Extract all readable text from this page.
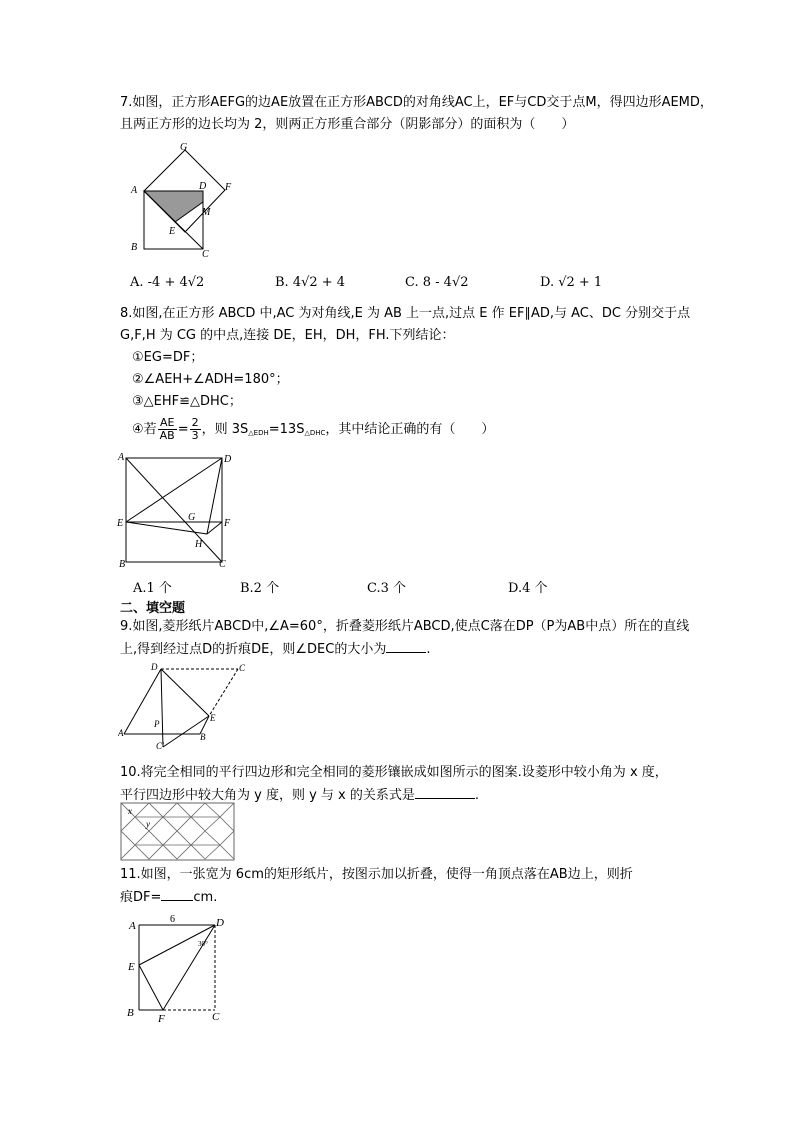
7.如图，正方形AEFG的边AE放置在正方形ABCD的对角线AC上，EF与CD交于点M，得四边形AEMD，
且两正方形的边长均为 2，则两正方形重合部分（阴影部分）的面积为（　　）
G
A	D F
M
E
B
C
A. -4 + 4√2	B. 4√2 + 4	C. 8 - 4√2	D. √2 + 1
8.如图,在正方形 ABCD 中,AC 为对角线,E 为 AB 上一点,过点 E 作 EF∥AD,与 AC、DC 分别交于点
G,F,H 为 CG 的中点,连接 DE，EH，DH，FH.下列结论：
①EG=DF；
②∠AEH+∠ADH=180°；
③△EHF≌△DHC；
④若 $\frac{AE}{AB} = \frac{2}{3}$ ，则 $3S_{\triangle EDH}=13S_{\triangle DHC}$，其中结论正确的有（　　）
A	D
E
G
F
H
B	C
A.1 个	B.2 个	C.3 个	D.4 个
二、填空题
9.如图,菱形纸片ABCD中,∠A=60°，折叠菱形纸片ABCD,使点C落在DP（P为AB中点）所在的直线
上,得到经过点D的折痕DE，则∠DEC的大小为	.
D	C
P
E
A
C'
B
10.将完全相同的平行四边形和完全相同的菱形镶嵌成如图所示的图案.设菱形中较小角为 x 度，
平行四边形中较大角为 y 度，则 y 与 x 的关系式是	.
x
y
11.如图，一张宽为 6cm的矩形纸片，按图示加以折叠，使得一角顶点落在AB边上，则折
痕DF= cm.
A
6	D
30°
E
B F	C
